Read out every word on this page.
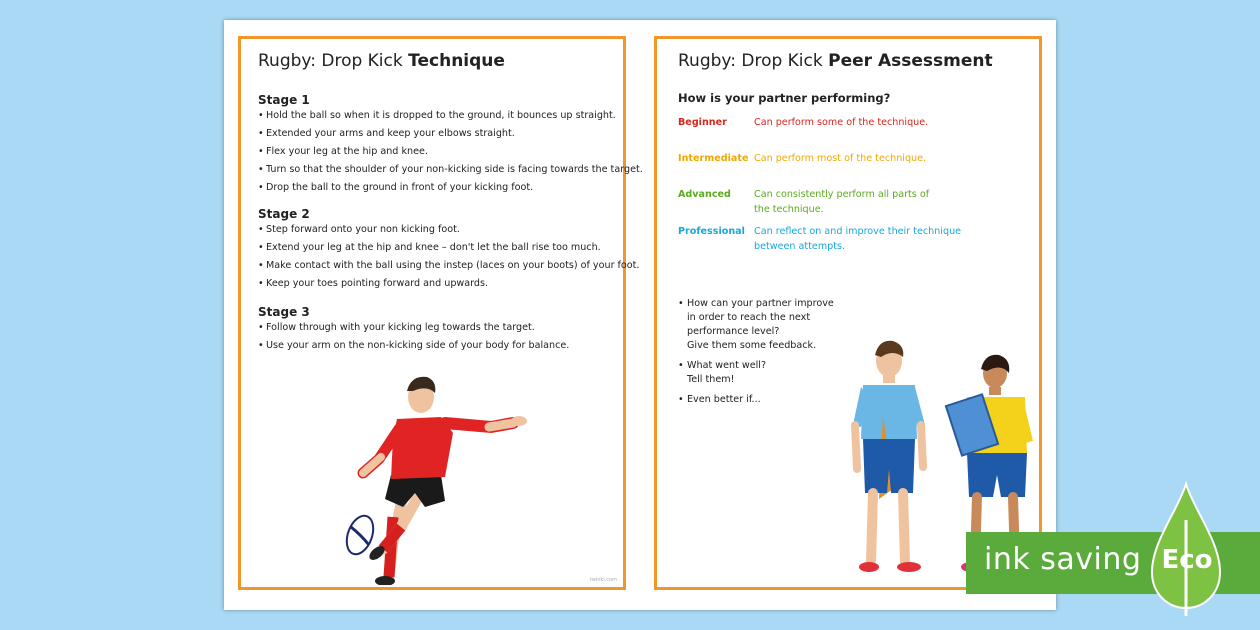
Rugby: Drop Kick Technique
Stage 1
• Hold the ball so when it is dropped to the ground, it bounces up straight.
• Extended your arms and keep your elbows straight.
• Flex your leg at the hip and knee.
• Turn so that the shoulder of your non-kicking side is facing towards the target.
• Drop the ball to the ground in front of your kicking foot.
Stage 2
• Step forward onto your non kicking foot.
• Extend your leg at the hip and knee – don't let the ball rise too much.
• Make contact with the ball using the instep (laces on your boots) of your foot.
• Keep your toes pointing forward and upwards.
Stage 3
• Follow through with your kicking leg towards the target.
• Use your arm on the non-kicking side of your body for balance.
twinkl.com
Rugby: Drop Kick Peer Assessment
How is your partner performing?
Beginner	Can perform some of the technique.
Intermediate Can perform most of the technique.
Advanced Can consistently perform all parts of the technique.
Professional Can reflect on and improve their technique between attempts.
• How can your partner improve
in order to reach the next
performance level?
Give them some feedback.
• What went well?
Tell them!
• Even better if...
ink saving Eco
